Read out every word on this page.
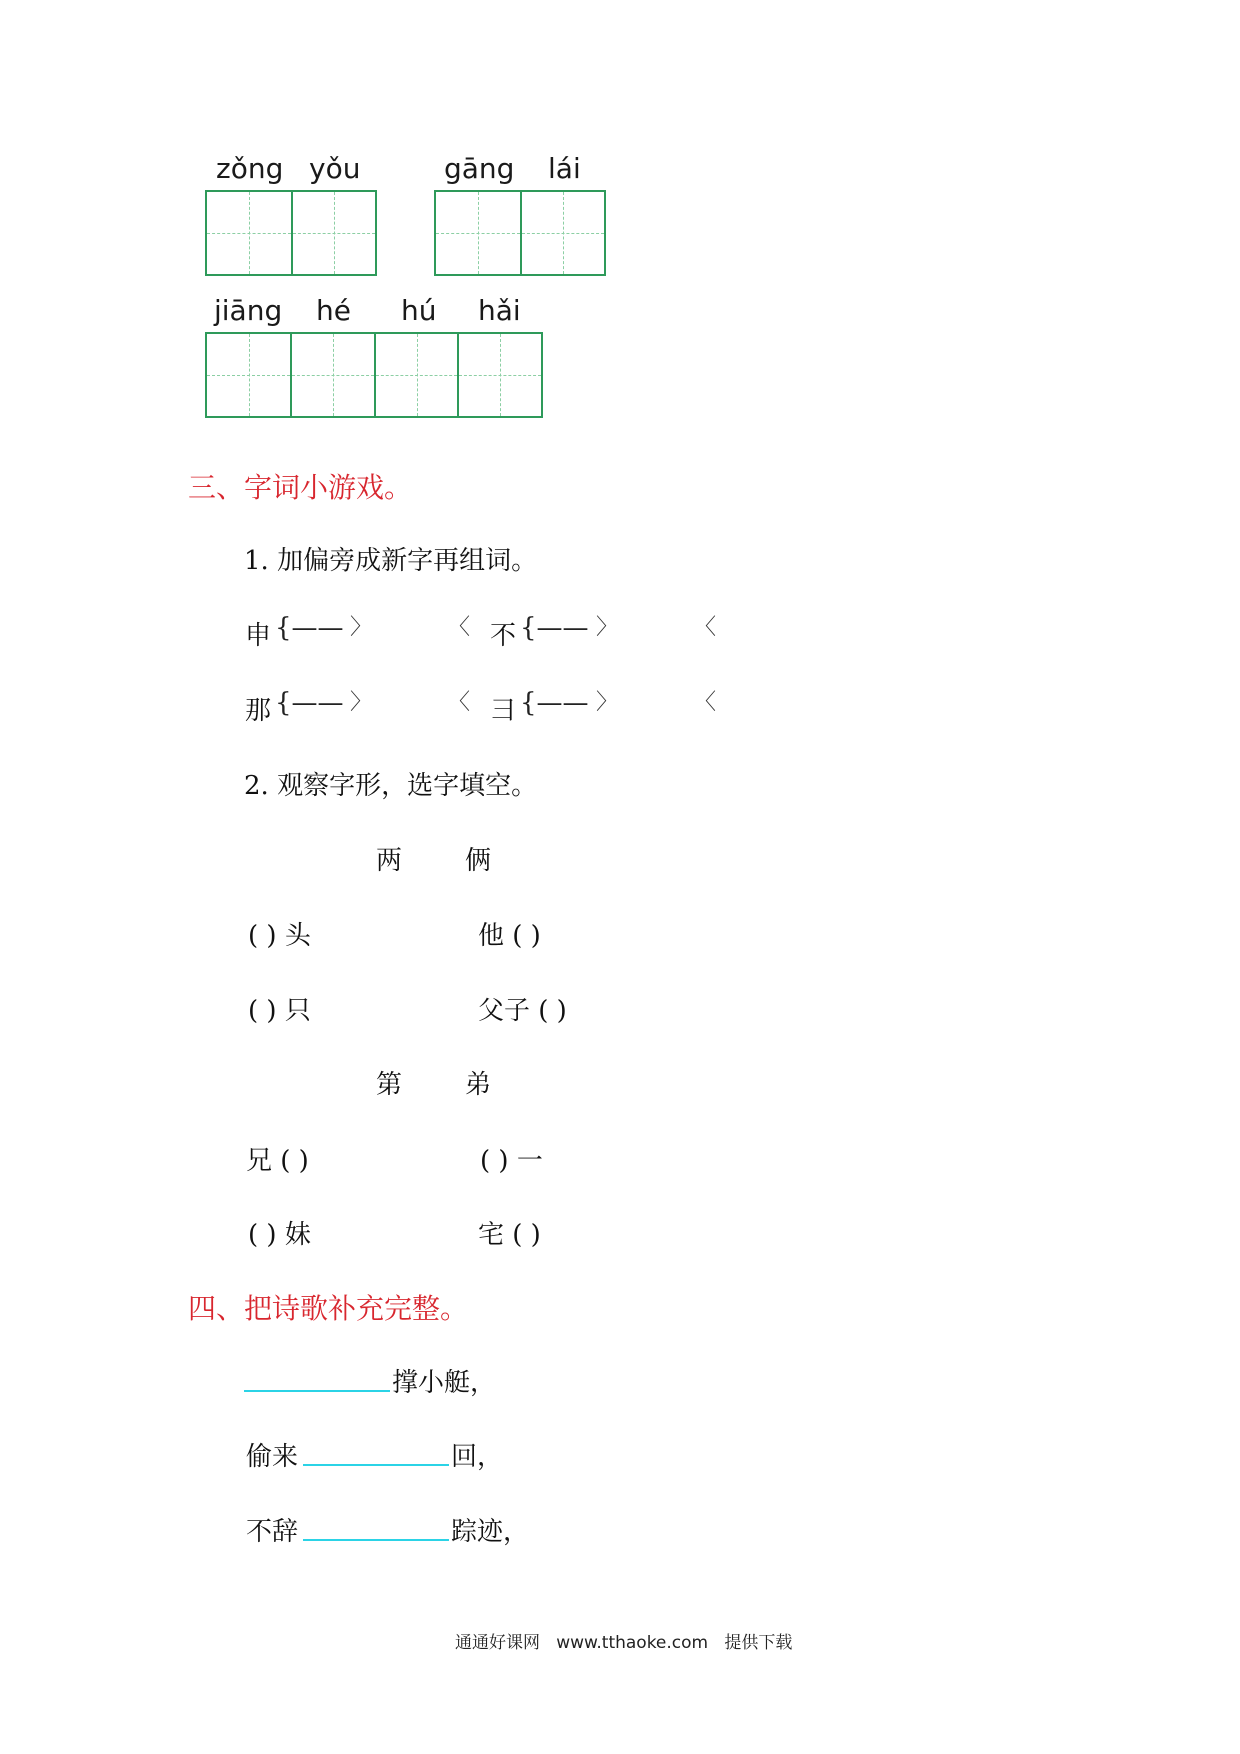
zǒng yǒu	gāng lái
jiāng hé hú hǎi
三、字词小游戏。
1. 加偏旁成新字再组词。
申 {—— 〉	〈 不 {—— 〉	〈
那 {—— 〉	〈 彐 {—— 〉	〈
2. 观察字形，选字填空。
两 俩
( ) 头	他 ( )
( ) 只	父子 ( )
第 弟
兄 ( )	( ) 一
( ) 妹	宅 ( )
四、把诗歌补充完整。
撑小艇，
偷来	回，
不辞	踪迹，
通通好课网 www.tthaoke.com 提供下载
